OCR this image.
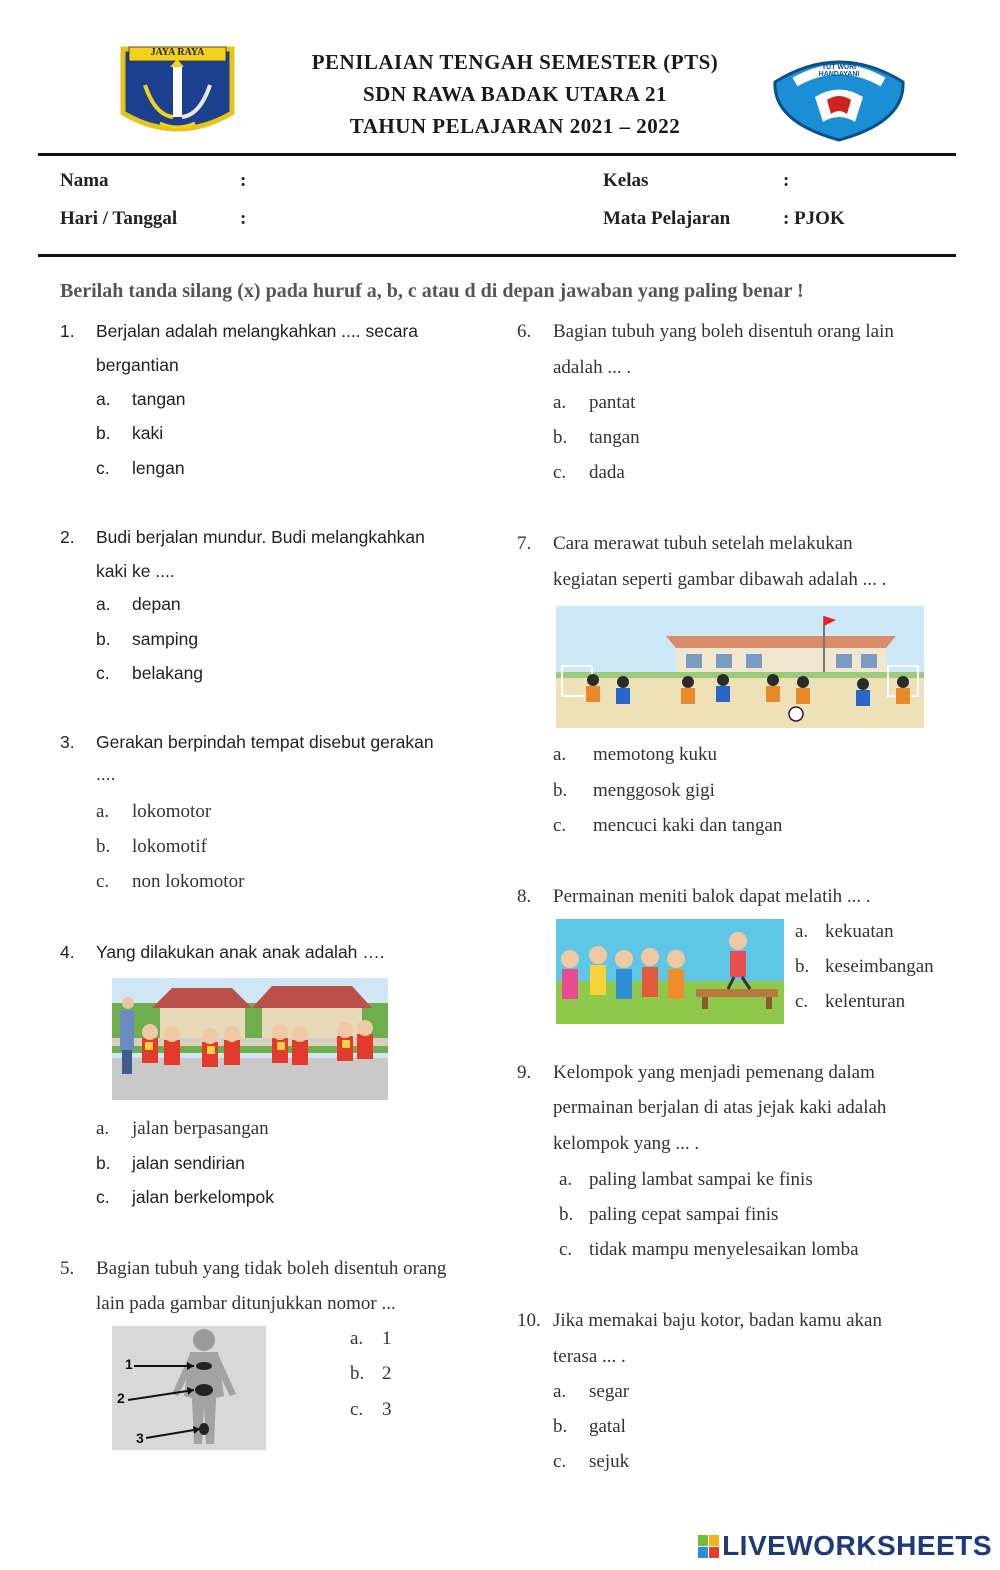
JAYA RAYA	PENILAIAN TENGAH SEMESTER (PTS)
SDN RAWA BADAK UTARA 21
TAHUN PELAJARAN 2021 – 2022
TUT WURI HANDAYANI
Nama	:
Hari / Tanggal	:
Kelas	:
Mata Pelajaran	: PJOK
Berilah tanda silang (x) pada huruf a, b, c atau d di depan jawaban yang paling benar !
1. Berjalan adalah melangkahkan .... secara
bergantian
a. tangan
b. kaki
c. lengan
2. Budi berjalan mundur. Budi melangkahkan
kaki ke ....
a. depan
b. samping
c. belakang
3. Gerakan berpindah tempat disebut gerakan
....
a. lokomotor
b. lokomotif
c. non lokomotor
4. Yang dilakukan anak anak adalah ….
a. jalan berpasangan
b. jalan sendirian
c. jalan berkelompok
5. Bagian tubuh yang tidak boleh disentuh orang
lain pada gambar ditunjukkan nomor ...
a. 1
b. 2
c. 3
1
2
3
6. Bagian tubuh yang boleh disentuh orang lain
adalah ... .
a. pantat
b. tangan
c. dada
7. Cara merawat tubuh setelah melakukan
kegiatan seperti gambar dibawah adalah ... .
a. memotong kuku
b. menggosok gigi
c. mencuci kaki dan tangan
8. Permainan meniti balok dapat melatih ... .
a. kekuatan
b. keseimbangan
c. kelenturan
9. Kelompok yang menjadi pemenang dalam
permainan berjalan di atas jejak kaki adalah
kelompok yang ... .
a. paling lambat sampai ke finis
b. paling cepat sampai finis
c. tidak mampu menyelesaikan lomba
10. Jika memakai baju kotor, badan kamu akan
terasa ... .
a. segar
b. gatal
c. sejuk
LIVEWORKSHEETS
